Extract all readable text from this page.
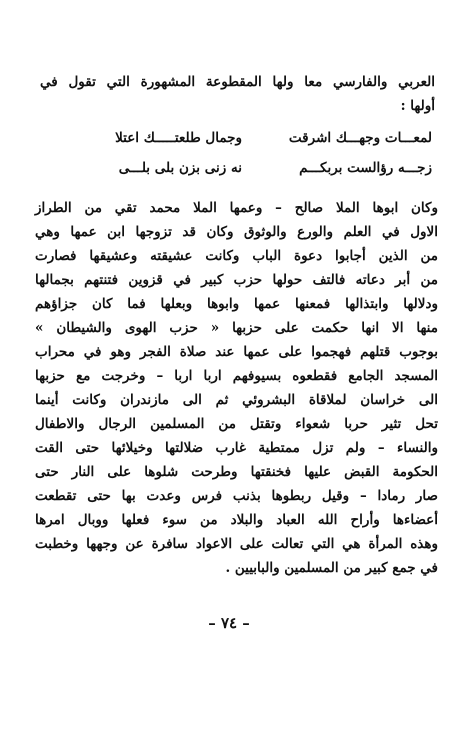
العربي والفارسي معا ولها المقطوعة المشهورة التي تقول في
أولها :
لمعـــات وجهـــك اشرقت
وجمال طلعتـــــك اعتلا
زجـــه رؤالست بربكـــم
نه زنى بزن بلى بلـــى
وكان ابوها الملا صالح – وعمها الملا محمد تقي من الطراز
الاول في العلم والورع والوثوق وكان قد تزوجها ابن عمها وهي
من الذين أجابوا دعوة الباب وكانت عشيقته وعشيقها فصارت
من أبر دعاته فالتف حولها حزب كبير في قزوين فتنتهم بجمالها
ودلالها وابتذالها فمعنها عمها وابوها وبعلها فما كان جزاؤهم
منها الا انها حكمت على حزبها « حزب الهوى والشيطان »
بوجوب قتلهم فهجموا على عمها عند صلاة الفجر وهو في محراب
المسجد الجامع فقطعوه بسيوفهم اربا اربا – وخرجت مع حزبها
الى خراسان لملاقاة البشروئي ثم الى مازندران وكانت أينما
تحل تثير حربا شعواء وتقتل من المسلمين الرجال والاطفال
والنساء – ولم تزل ممتطية غارب ضلالتها وخيلائها حتى القت
الحكومة القبض عليها فخنقتها وطرحت شلوها على النار حتى
صار رمادا – وقيل ربطوها بذنب فرس وعدت بها حتى تقطعت
أعضاءها وأراح الله العباد والبلاد من سوء فعلها ووبال امرها
وهذه المرأة هي التي تعالت على الاعواد سافرة عن وجهها وخطبت
في جمع كبير من المسلمين والبابيين .
– ٧٤ –
